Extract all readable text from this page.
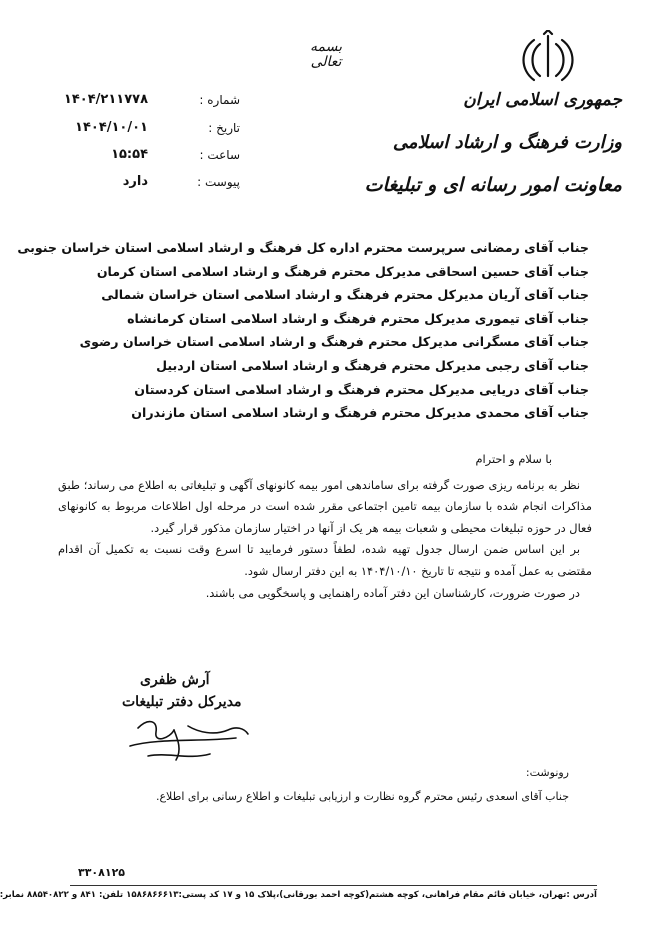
بسمه تعالی
جمهوری اسلامی ایران
وزارت فرهنگ و ارشاد اسلامی
معاونت امور رسانه ای و تبلیغات
شماره :
۱۴۰۴/۲۱۱۷۷۸
تاریخ :
۱۴۰۴/۱۰/۰۱
ساعت :
۱۵:۵۴
پیوست :
دارد
جناب آقای رمضانی سرپرست محترم اداره کل فرهنگ و ارشاد اسلامی استان خراسان جنوبی
جناب آقای حسین اسحاقی مدیرکل محترم فرهنگ و ارشاد اسلامی استان کرمان
جناب آقای آریان مدیرکل محترم فرهنگ و ارشاد اسلامی استان خراسان شمالی
جناب آقای تیموری مدیرکل محترم فرهنگ و ارشاد اسلامی استان کرمانشاه
جناب آقای مسگرانی مدیرکل محترم فرهنگ و ارشاد اسلامی استان خراسان رضوی
جناب آقای رجبی مدیرکل محترم فرهنگ و ارشاد اسلامی استان اردبیل
جناب آقای دریایی مدیرکل محترم فرهنگ و ارشاد اسلامی استان کردستان
جناب آقای محمدی مدیرکل محترم فرهنگ و ارشاد اسلامی استان مازندران
با سلام و احترام
نظر به برنامه ریزی صورت گرفته برای ساماندهی امور بیمه کانونهای آگهی و تبلیغاتی به اطلاع می رساند؛ طبق مذاکرات انجام شده با سازمان بیمه تامین اجتماعی مقرر شده است در مرحله اول اطلاعات مربوط به کانونهای فعال در حوزه تبلیغات محیطی و شعبات بیمه هر یک از آنها در اختیار سازمان مذکور قرار گیرد.
بر این اساس ضمن ارسال جدول تهیه شده، لطفاً دستور فرمایید تا اسرع وقت نسبت به تکمیل آن اقدام مقتضی به عمل آمده و نتیجه تا تاریخ ۱۴۰۴/۱۰/۱۰ به این دفتر ارسال شود.
در صورت ضرورت، کارشناسان این دفتر آماده راهنمایی و پاسخگویی می باشند.
آرش ظفری
مدیرکل دفتر تبلیغات
رونوشت:
جناب آقای اسعدی رئیس محترم گروه نظارت و ارزیابی تبلیغات و اطلاع رسانی برای اطلاع.
۳۳۰۸۱۲۵
آدرس :تهران، خیابان قائم مقام فراهانی، کوچه هشتم(کوچه احمد بورقانی)،پلاک ۱۵ و ۱۷ کد پستی:۱۵۸۶۸۶۶۶۱۳ تلفن: ۸۴۱ و ۸۸۵۴۰۸۲۲ نمابر:
